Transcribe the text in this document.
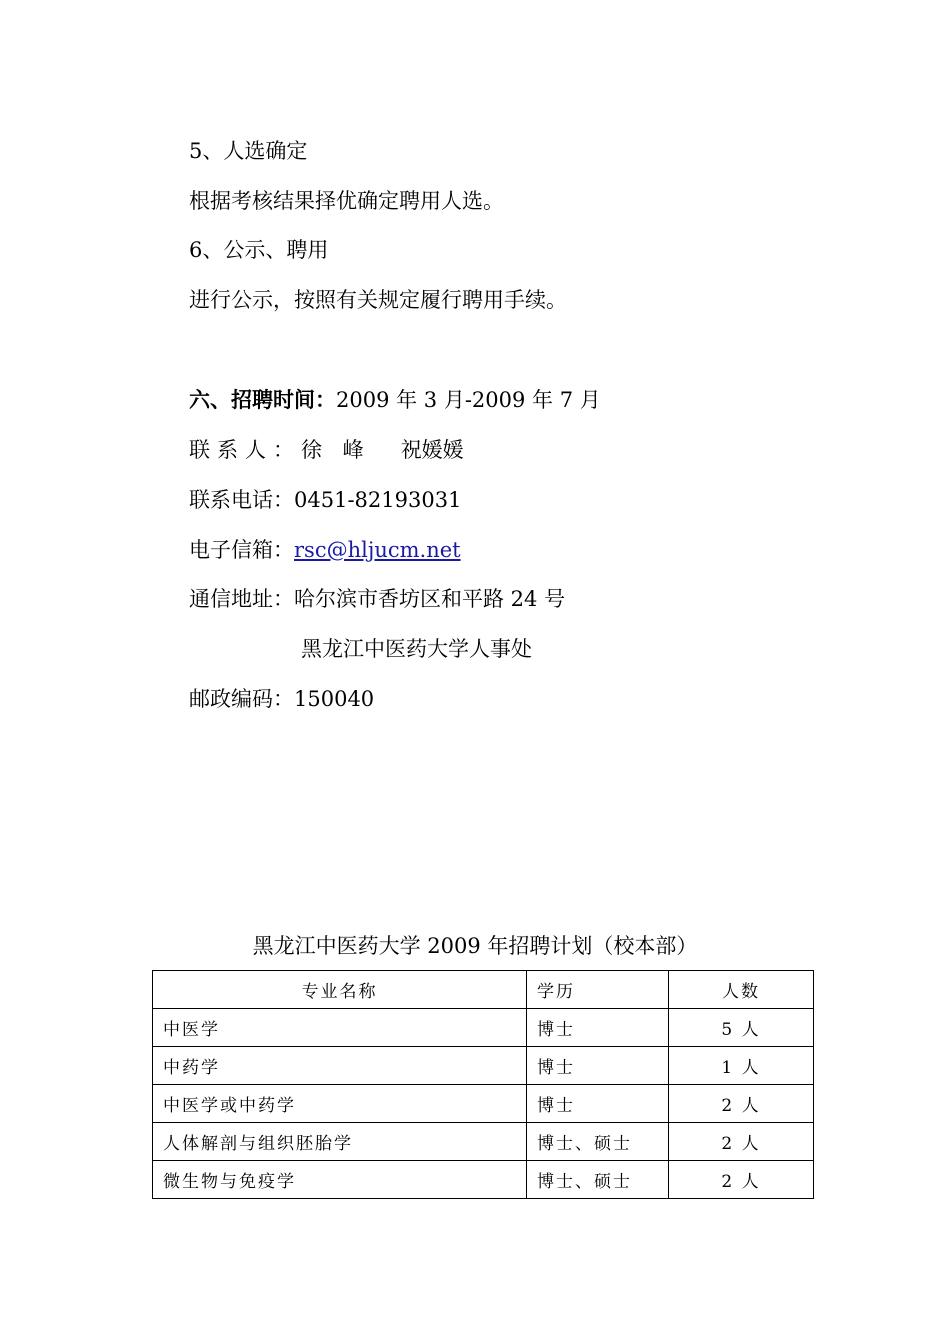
5、人选确定
根据考核结果择优确定聘用人选。
6、公示、聘用
进行公示，按照有关规定履行聘用手续。
六、招聘时间：2009 年 3 月-2009 年 7 月
联系人：徐 峰 祝媛媛
联系电话：0451-82193031
电子信箱：rsc@hljucm.net
通信地址：哈尔滨市香坊区和平路 24 号
黑龙江中医药大学人事处
邮政编码：150040
黑龙江中医药大学 2009 年招聘计划（校本部）
专业名称	学历	人数
中医学	博士	5 人
中药学	博士	1 人
中医学或中药学	博士	2 人
人体解剖与组织胚胎学	博士、硕士	2 人
微生物与免疫学	博士、硕士	2 人
